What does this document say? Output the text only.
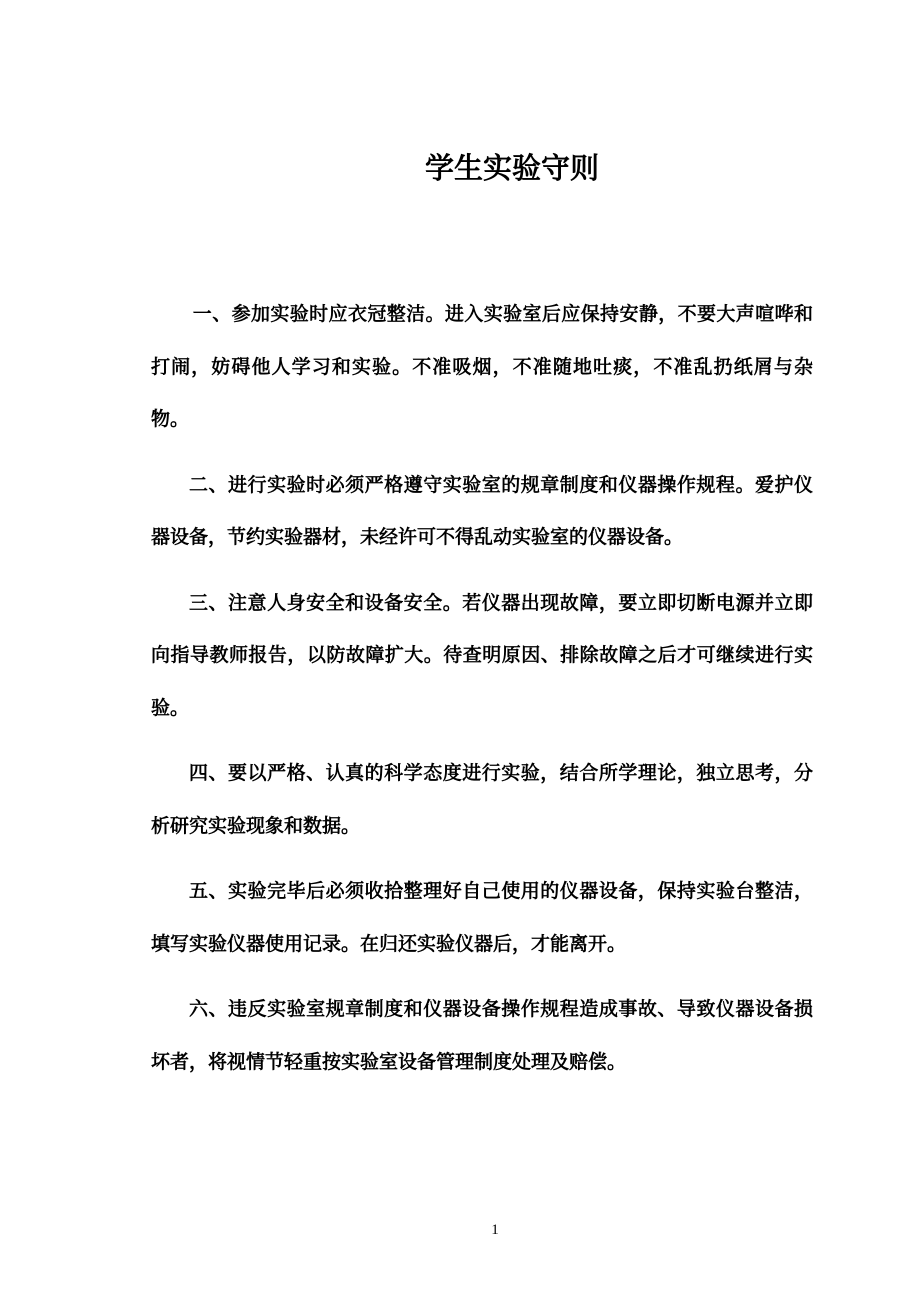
学生实验守则

一、参加实验时应衣冠整洁。进入实验室后应保持安静，不要大声喧哗和打闹，妨碍他人学习和实验。不准吸烟，不准随地吐痰，不准乱扔纸屑与杂物。

二、进行实验时必须严格遵守实验室的规章制度和仪器操作规程。爱护仪器设备，节约实验器材，未经许可不得乱动实验室的仪器设备。

三、注意人身安全和设备安全。若仪器出现故障，要立即切断电源并立即向指导教师报告，以防故障扩大。待查明原因、排除故障之后才可继续进行实验。

四、要以严格、认真的科学态度进行实验，结合所学理论，独立思考，分析研究实验现象和数据。

五、实验完毕后必须收拾整理好自己使用的仪器设备，保持实验台整洁，填写实验仪器使用记录。在归还实验仪器后，才能离开。

六、违反实验室规章制度和仪器设备操作规程造成事故、导致仪器设备损坏者，将视情节轻重按实验室设备管理制度处理及赔偿。

1
